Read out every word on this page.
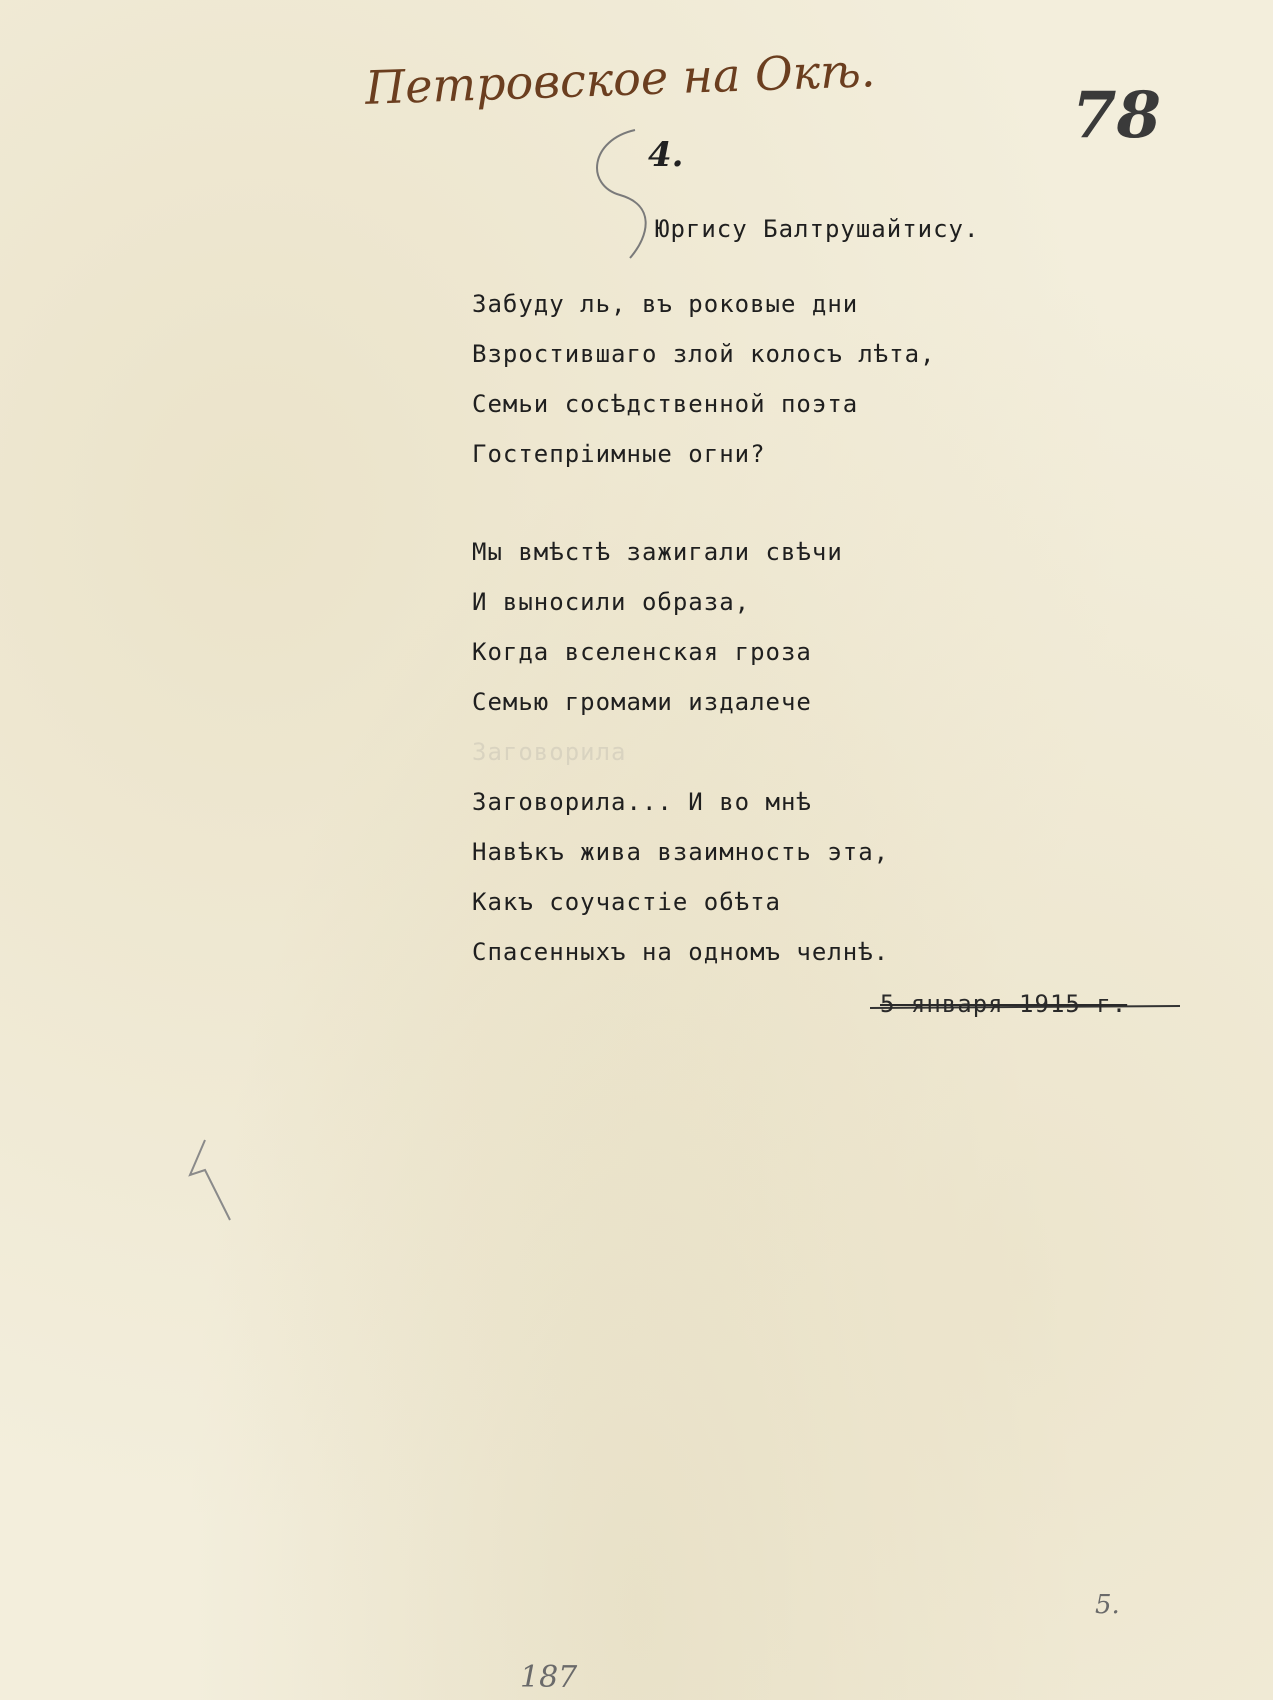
Петровское на Окѣ.	78
4.
Юргису Балтрушайтису.
Забуду ль, въ роковые дни
Взростившаго злой колосъ лѣта,
Семьи сосѣдственной поэта
Гостепріимные огни?
Мы вмѣстѣ зажигали свѣчи
И выносили образа,
Когда вселенская гроза
Семью громами издалече
Заговорила
Заговорила... И во мнѣ
Навѣкъ жива взаимность эта,
Какъ соучастіе обѣта
Спасенныхъ на одномъ челнѣ.
5 января 1915 г.
187
5.
